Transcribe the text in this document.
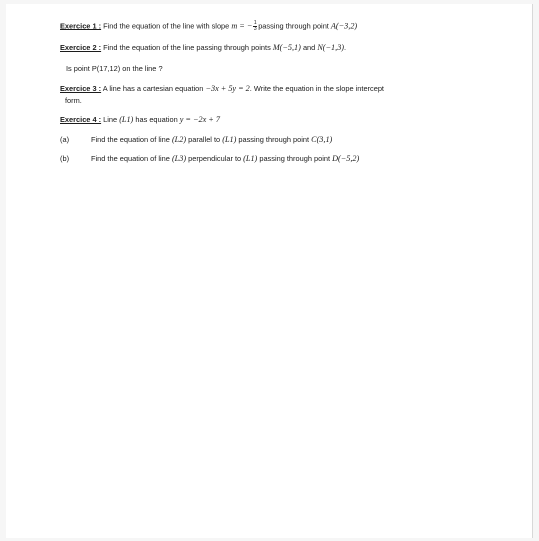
Exercice 1 : Find the equation of the line with slope m = − $\frac{1}{3}$ passing through point A(−3,2)
Exercice 2 : Find the equation of the line passing through points M(−5,1) and N(−1,3).
Is point P(17,12) on the line ?
Exercice 3 : A line has a cartesian equation −3x + 5y = 2. Write the equation in the slope intercept
form.
Exercice 4 : Line (L1) has equation y = −2x + 7
(a)	Find the equation of line (L2) parallel to (L1) passing through point C(3,1)
(b)	Find the equation of line (L3) perpendicular to (L1) passing through point D(−5,2)
